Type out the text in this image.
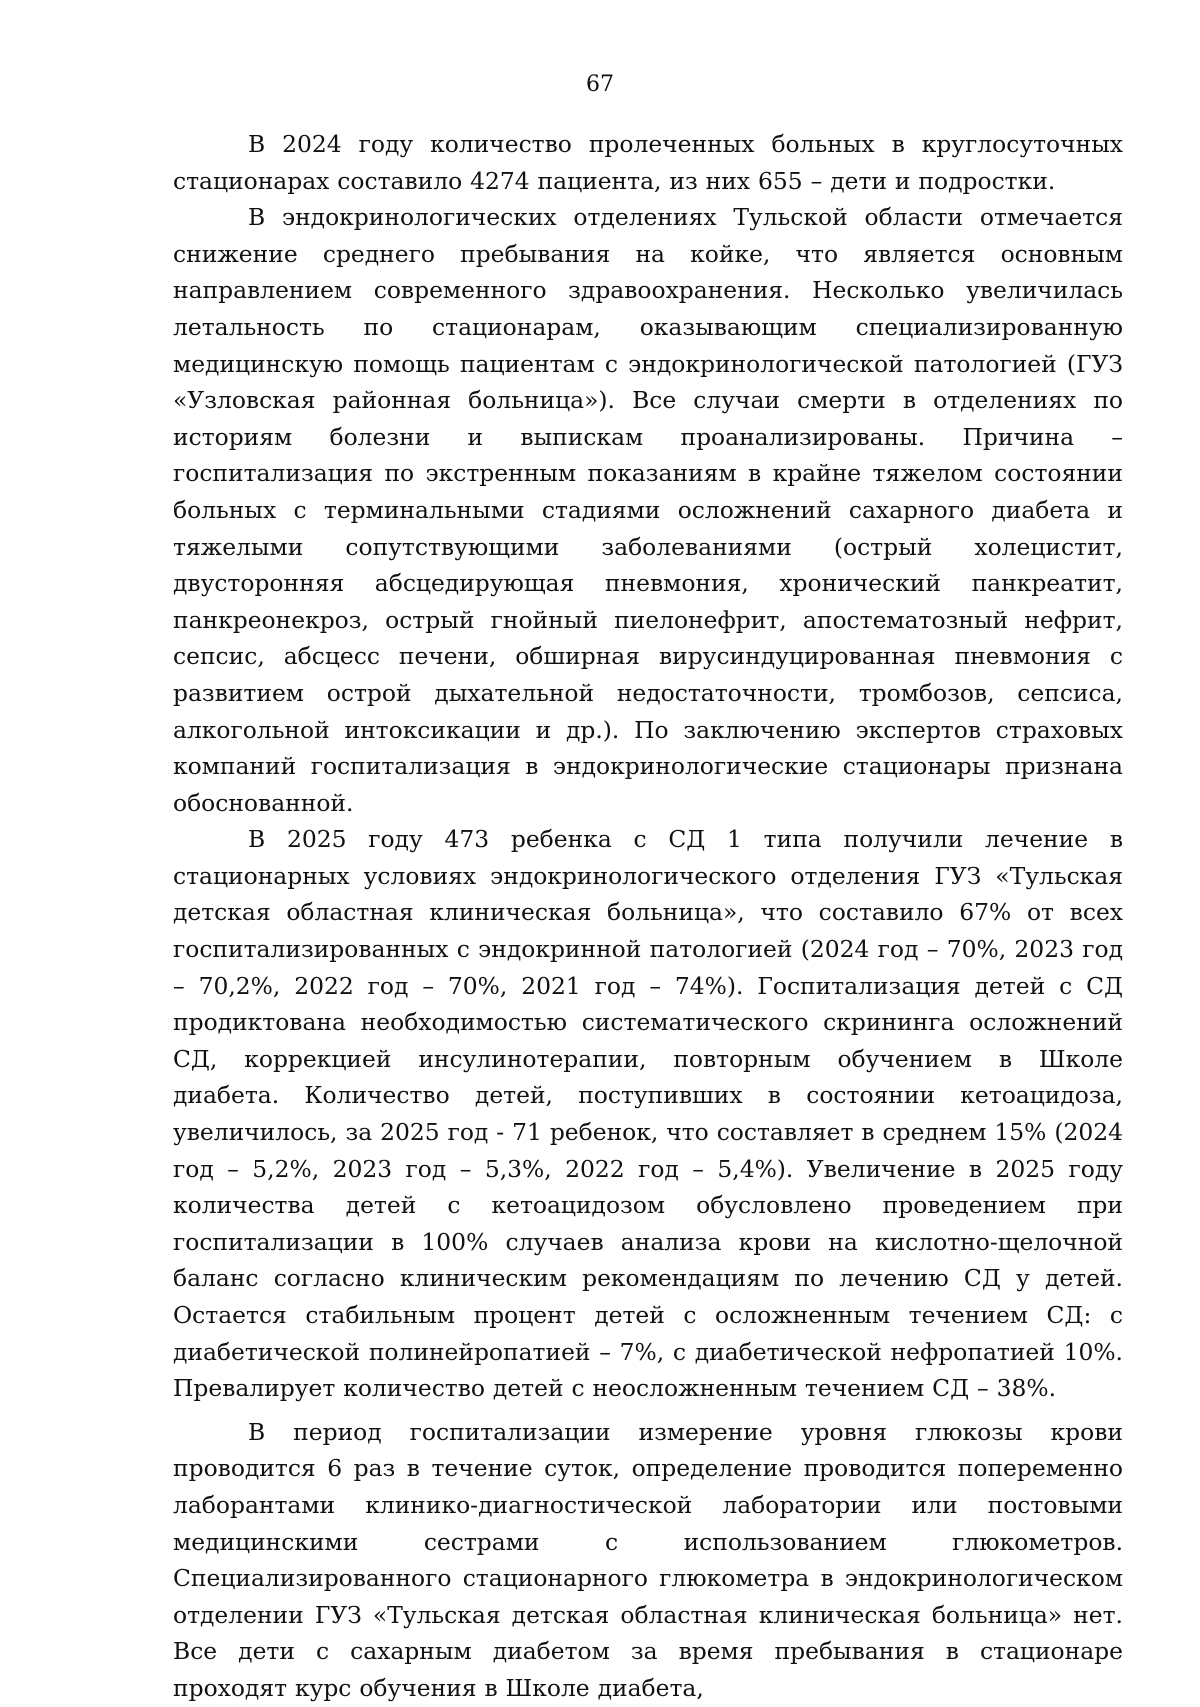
67

В 2024 году количество пролеченных больных в круглосуточных стационарах составило 4274 пациента, из них 655 – дети и подростки.

В эндокринологических отделениях Тульской области отмечается снижение среднего пребывания на койке, что является основным направлением современного здравоохранения. Несколько увеличилась летальность по стационарам, оказывающим специализированную медицинскую помощь пациентам с эндокринологической патологией (ГУЗ «Узловская районная больница»). Все случаи смерти в отделениях по историям болезни и выпискам проанализированы. Причина – госпитализация по экстренным показаниям в крайне тяжелом состоянии больных с терминальными стадиями осложнений сахарного диабета и тяжелыми сопутствующими заболеваниями (острый холецистит, двусторонняя абсцедирующая пневмония, хронический панкреатит, панкреонекроз, острый гнойный пиелонефрит, апостематозный нефрит, сепсис, абсцесс печени, обширная вирусиндуцированная пневмония с развитием острой дыхательной недостаточности, тромбозов, сепсиса, алкогольной интоксикации и др.). По заключению экспертов страховых компаний госпитализация в эндокринологические стационары признана обоснованной.

В 2025 году 473 ребенка с СД 1 типа получили лечение в стационарных условиях эндокринологического отделения ГУЗ «Тульская детская областная клиническая больница», что составило 67% от всех госпитализированных с эндокринной патологией (2024 год – 70%, 2023 год – 70,2%, 2022 год – 70%, 2021 год – 74%). Госпитализация детей с СД продиктована необходимостью систематического скрининга осложнений СД, коррекцией инсулинотерапии, повторным обучением в Школе диабета. Количество детей, поступивших в состоянии кетоацидоза, увеличилось, за 2025 год - 71 ребенок, что составляет в среднем 15% (2024 год – 5,2%, 2023 год – 5,3%, 2022 год – 5,4%). Увеличение в 2025 году количества детей с кетоацидозом обусловлено проведением при госпитализации в 100% случаев анализа крови на кислотно-щелочной баланс согласно клиническим рекомендациям по лечению СД у детей. Остается стабильным процент детей с осложненным течением СД: с диабетической полинейропатией – 7%, с диабетической нефропатией 10%. Превалирует количество детей с неосложненным течением СД – 38%.

В период госпитализации измерение уровня глюкозы крови проводится 6 раз в течение суток, определение проводится попеременно лаборантами клинико-диагностической лаборатории или постовыми медицинскими сестрами с использованием глюкометров. Специализированного стационарного глюкометра в эндокринологическом отделении ГУЗ «Тульская детская областная клиническая больница» нет. Все дети с сахарным диабетом за время пребывания в стационаре проходят курс обучения в Школе диабета,
